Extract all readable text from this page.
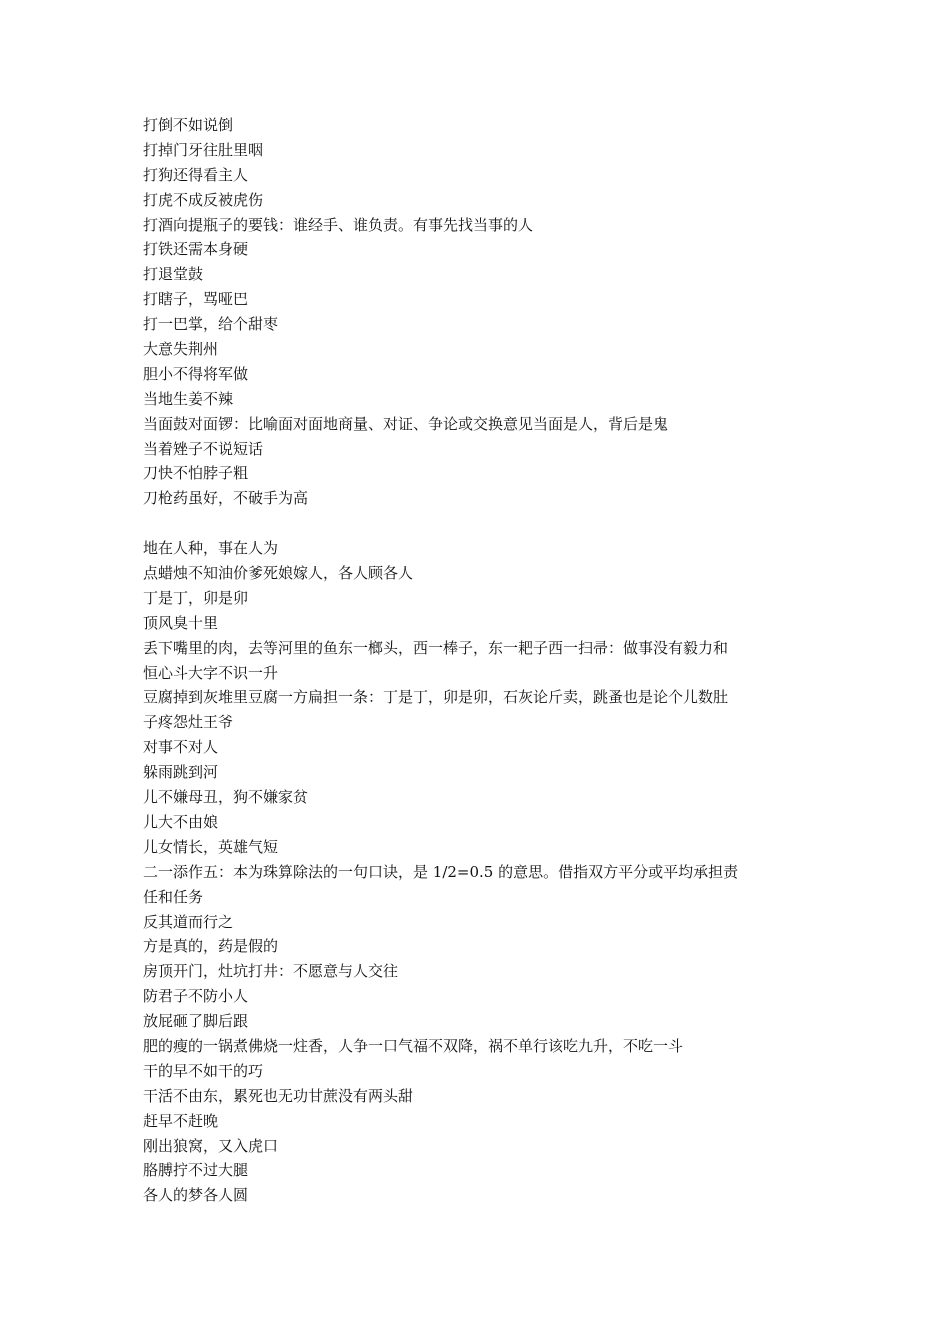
打倒不如说倒
打掉门牙往肚里咽
打狗还得看主人
打虎不成反被虎伤
打酒向提瓶子的要钱：谁经手、谁负责。有事先找当事的人
打铁还需本身硬
打退堂鼓
打瞎子，骂哑巴
打一巴掌，给个甜枣
大意失荆州
胆小不得将军做
当地生姜不辣
当面鼓对面锣：比喻面对面地商量、对证、争论或交换意见当面是人，背后是鬼
当着矬子不说短话
刀快不怕脖子粗
刀枪药虽好，不破手为高
地在人种，事在人为
点蜡烛不知油价爹死娘嫁人，各人顾各人
丁是丁，卯是卯
顶风臭十里
丢下嘴里的肉，去等河里的鱼东一榔头，西一棒子，东一耙子西一扫帚：做事没有毅力和
恒心斗大字不识一升
豆腐掉到灰堆里豆腐一方扁担一条：丁是丁，卯是卯，石灰论斤卖，跳蚤也是论个儿数肚
子疼怨灶王爷
对事不对人
躲雨跳到河
儿不嫌母丑，狗不嫌家贫
儿大不由娘
儿女情长，英雄气短
二一添作五：本为珠算除法的一句口诀，是 1/2=0.5 的意思。借指双方平分或平均承担责
任和任务
反其道而行之
方是真的，药是假的
房顶开门，灶坑打井：不愿意与人交往
防君子不防小人
放屁砸了脚后跟
肥的瘦的一锅煮佛烧一炷香，人争一口气福不双降，祸不单行该吃九升，不吃一斗
干的早不如干的巧
干活不由东，累死也无功甘蔗没有两头甜
赶早不赶晚
刚出狼窝，又入虎口
胳膊拧不过大腿
各人的梦各人圆
